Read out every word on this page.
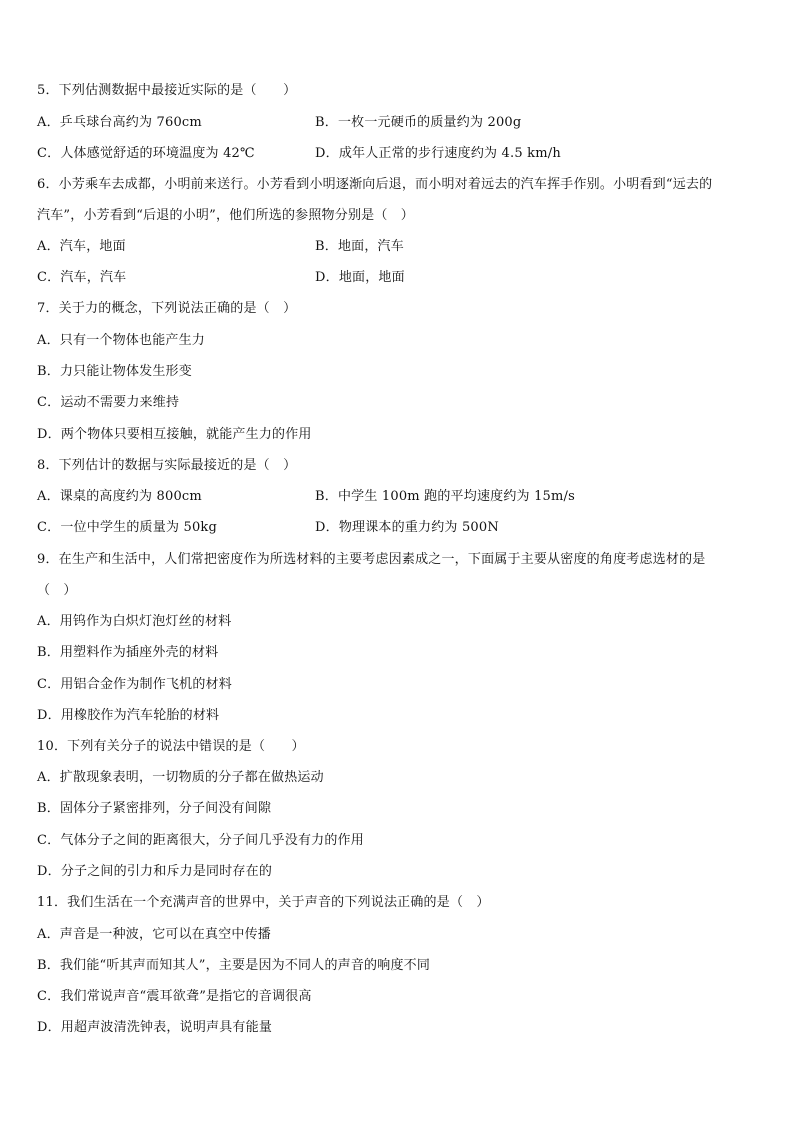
5．下列估测数据中最接近实际的是（　　）
A．乒乓球台高约为 760cm	B．一枚一元硬币的质量约为 200g
C．人体感觉舒适的环境温度为 42℃	D．成年人正常的步行速度约为 4.5 km/h
6．小芳乘车去成都，小明前来送行。小芳看到小明逐渐向后退，而小明对着远去的汽车挥手作别。小明看到“远去的
汽车”，小芳看到“后退的小明”，他们所选的参照物分别是（　）
A．汽车，地面	B．地面，汽车
C．汽车，汽车	D．地面，地面
7．关于力的概念，下列说法正确的是（　）
A．只有一个物体也能产生力
B．力只能让物体发生形变
C．运动不需要力来维持
D．两个物体只要相互接触，就能产生力的作用
8．下列估计的数据与实际最接近的是（　）
A．课桌的高度约为 800cm	B．中学生 100m 跑的平均速度约为 15m/s
C．一位中学生的质量为 50kg	D．物理课本的重力约为 500N
9．在生产和生活中，人们常把密度作为所选材料的主要考虑因素成之一，下面属于主要从密度的角度考虑选材的是
（　）
A．用钨作为白炽灯泡灯丝的材料
B．用塑料作为插座外壳的材料
C．用铝合金作为制作飞机的材料
D．用橡胶作为汽车轮胎的材料
10．下列有关分子的说法中错误的是（　　）
A．扩散现象表明，一切物质的分子都在做热运动
B．固体分子紧密排列，分子间没有间隙
C．气体分子之间的距离很大，分子间几乎没有力的作用
D．分子之间的引力和斥力是同时存在的
11．我们生活在一个充满声音的世界中，关于声音的下列说法正确的是（　）
A．声音是一种波，它可以在真空中传播
B．我们能“听其声而知其人”，主要是因为不同人的声音的响度不同
C．我们常说声音“震耳欲聋”是指它的音调很高
D．用超声波清洗钟表，说明声具有能量
